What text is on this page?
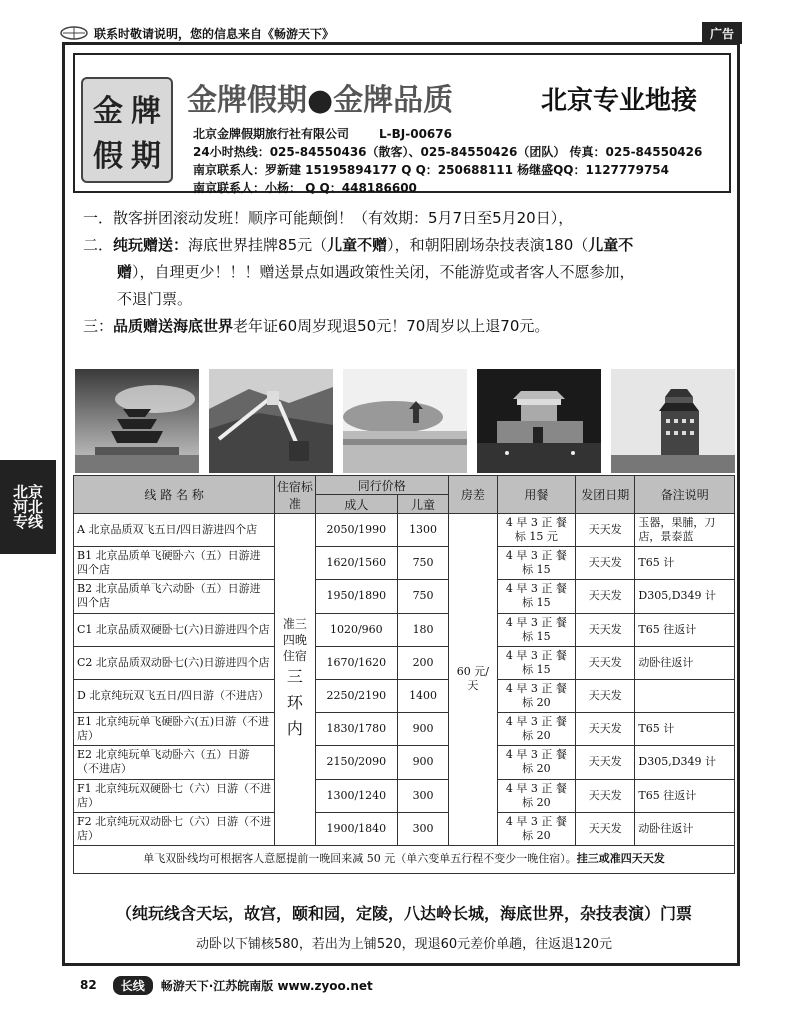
联系时敬请说明，您的信息来自《畅游天下》	广告
北京
河北
专线
金 牌
假 期
金牌假期●金牌品质	北京专业地接
北京金牌假期旅行社有限公司	L-BJ-00676
24小时热线：025-84550436（散客）、025-84550426（团队） 传真：025-84550426
南京联系人：罗新建 15195894177 Q Q：250688111 杨继盛QQ：1127779754
南京联系人：小杨： Q Q：448186600

一．散客拼团滚动发班！顺序可能颠倒！（有效期：5月7日至5月20日），

二．纯玩赠送：海底世界挂牌85元（儿童不赠），和朝阳剧场杂技表演180（儿童不

赠），自理更少！！！赠送景点如遇政策性关闭，不能游览或者客人不愿参加，

不退门票。

三：品质赠送海底世界老年证60周岁现退50元！70周岁以上退70元。

线 路 名 称	住宿标准	同行价格		房差	用餐	发团日期	备注说明
		成人	儿童				
A 北京品质双飞五日/四日游进四个店	准三四晚住宿
三
环
内	2050/1990	1300	60 元/天	4 早 3 正 餐标 15 元	天天发	玉器，果脯，刀店，景泰蓝
B1 北京品质单飞硬卧六（五）日游进四个店		1620/1560	750		4 早 3 正 餐标 15	天天发	T65 计
B2 北京品质单飞六动卧（五）日游进四个店		1950/1890	750		4 早 3 正 餐标 15	天天发	D305,D349 计
C1 北京品质双硬卧七(六)日游进四个店		1020/960	180		4 早 3 正 餐标 15	天天发	T65 往返计
C2 北京品质双动卧七(六)日游进四个店		1670/1620	200		4 早 3 正 餐标 15	天天发	动卧往返计
D 北京纯玩双飞五日/四日游（不进店）		2250/2190	1400		4 早 3 正 餐标 20	天天发	
E1 北京纯玩单飞硬卧六(五)日游（不进店）		1830/1780	900		4 早 3 正 餐标 20	天天发	T65 计
E2 北京纯玩单飞动卧六（五）日游（不进店）		2150/2090	900		4 早 3 正 餐标 20	天天发	D305,D349 计
F1 北京纯玩双硬卧七（六）日游（不进店）		1300/1240	300		4 早 3 正 餐标 20	天天发	T65 往返计
F2 北京纯玩双动卧七（六）日游（不进店）		1900/1840	300		4 早 3 正 餐标 20	天天发	动卧往返计
单飞双卧线均可根据客人意愿提前一晚回来减 50 元（单六变单五行程不变少一晚住宿）。挂三或准四天天发							
（纯玩线含天坛，故宫，颐和园，定陵，八达岭长城，海底世界，杂技表演）门票
动卧以下铺核580，若出为上铺520，现退60元差价单趟，往返退120元
82	长线	畅游天下·江苏皖南版 www.zyoo.net
